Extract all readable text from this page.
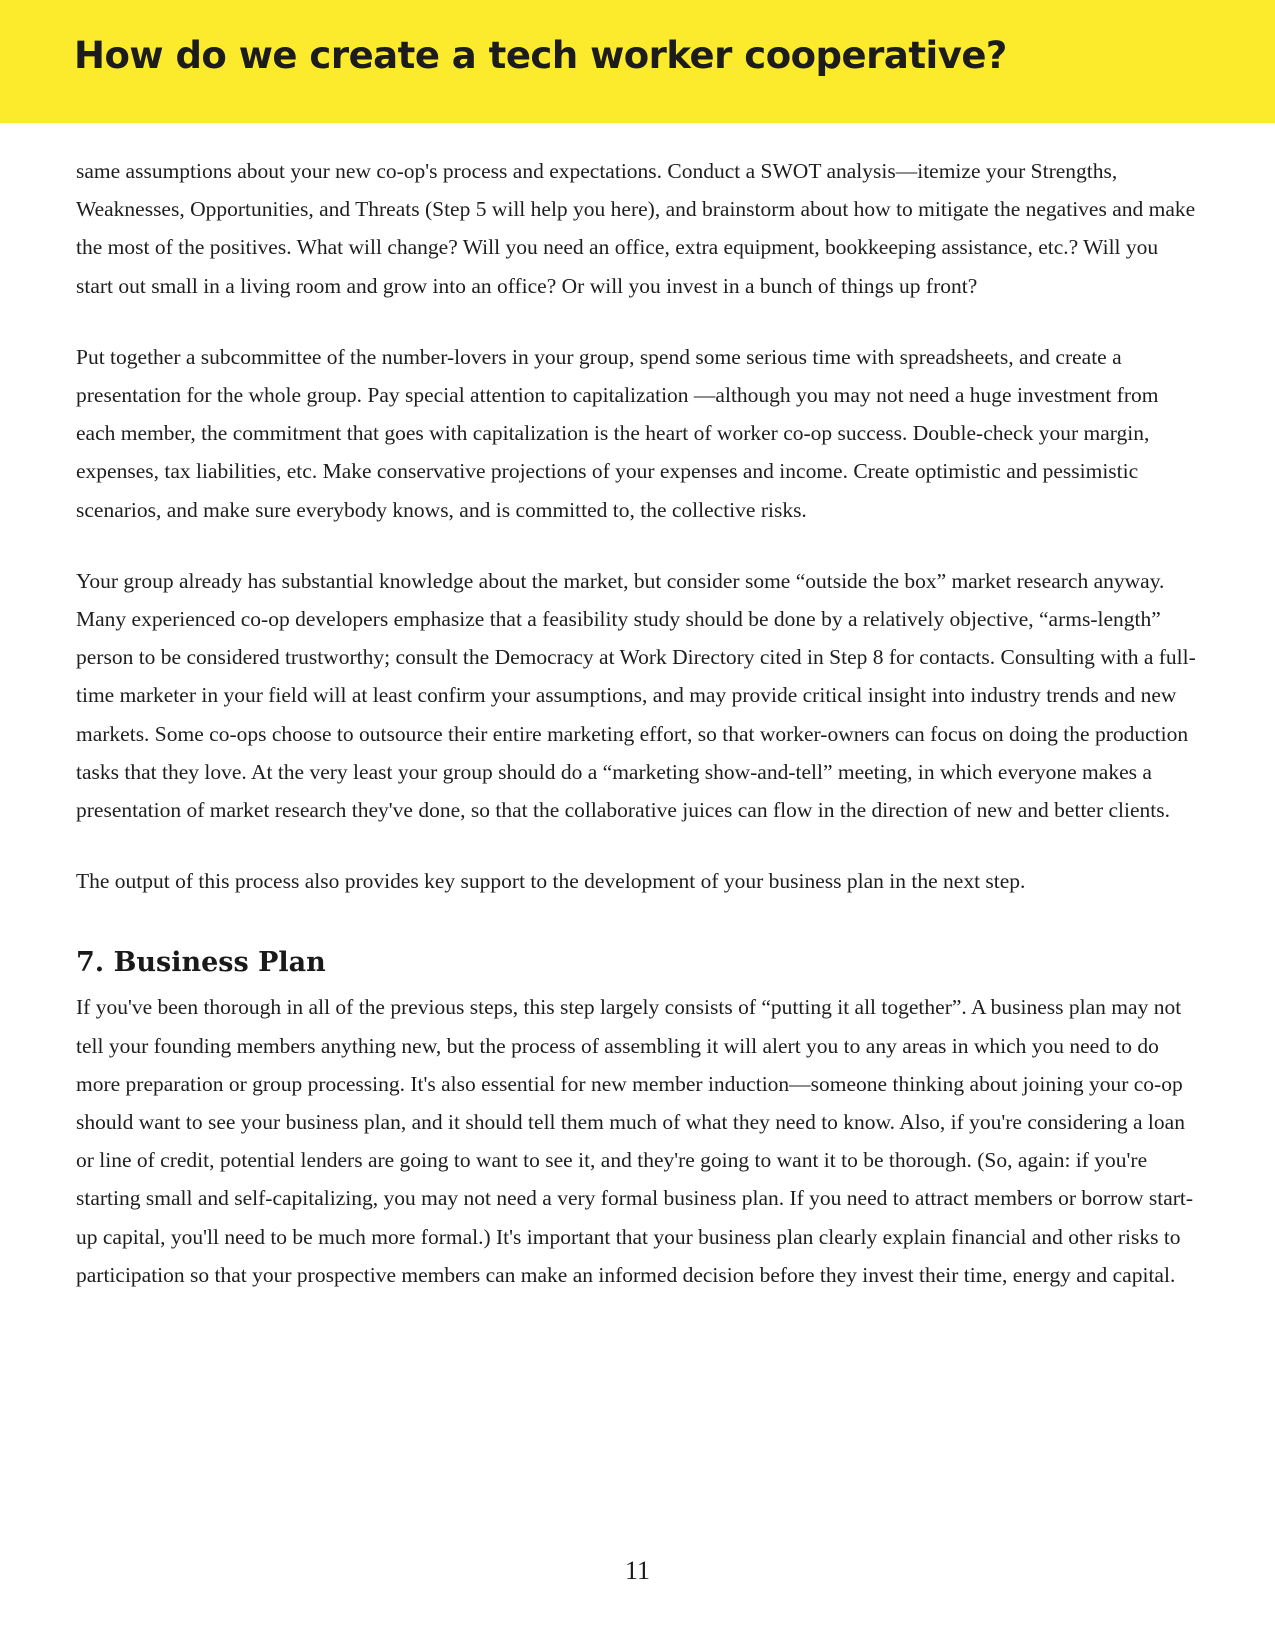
How do we create a tech worker cooperative?

same assumptions about your new co-op's process and expectations. Conduct a SWOT analysis—itemize your Strengths, Weaknesses, Opportunities, and Threats (Step 5 will help you here), and brainstorm about how to mitigate the negatives and make the most of the positives. What will change? Will you need an office, extra equipment, bookkeeping assistance, etc.? Will you start out small in a living room and grow into an office? Or will you invest in a bunch of things up front?

Put together a subcommittee of the number-lovers in your group, spend some serious time with spreadsheets, and create a presentation for the whole group. Pay special attention to capitalization —although you may not need a huge investment from each member, the commitment that goes with capitalization is the heart of worker co-op success. Double-check your margin, expenses, tax liabilities, etc. Make conservative projections of your expenses and income. Create optimistic and pessimistic scenarios, and make sure everybody knows, and is committed to, the collective risks.

Your group already has substantial knowledge about the market, but consider some “outside the box” market research anyway. Many experienced co-op developers emphasize that a feasibility study should be done by a relatively objective, “arms-length” person to be considered trustworthy; consult the Democracy at Work Directory cited in Step 8 for contacts. Consulting with a full-time marketer in your field will at least confirm your assumptions, and may provide critical insight into industry trends and new markets. Some co-ops choose to outsource their entire marketing effort, so that worker-owners can focus on doing the production tasks that they love. At the very least your group should do a “marketing show-and-tell” meeting, in which everyone makes a presentation of market research they've done, so that the collaborative juices can flow in the direction of new and better clients.

The output of this process also provides key support to the development of your business plan in the next step.

7. Business Plan

If you've been thorough in all of the previous steps, this step largely consists of “putting it all together”. A business plan may not tell your founding members anything new, but the process of assembling it will alert you to any areas in which you need to do more preparation or group processing. It's also essential for new member induction—someone thinking about joining your co-op should want to see your business plan, and it should tell them much of what they need to know. Also, if you're considering a loan or line of credit, potential lenders are going to want to see it, and they're going to want it to be thorough. (So, again: if you're starting small and self-capitalizing, you may not need a very formal business plan. If you need to attract members or borrow start-up capital, you'll need to be much more formal.) It's important that your business plan clearly explain financial and other risks to participation so that your prospective members can make an informed decision before they invest their time, energy and capital.

11
